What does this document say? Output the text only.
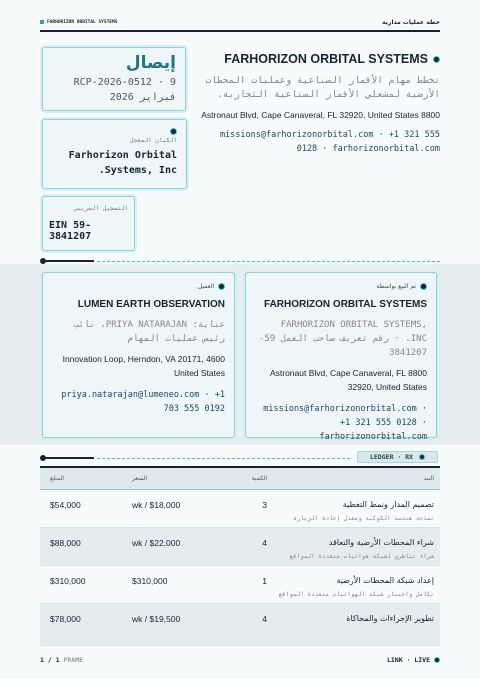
خطة عمليات مدارية
FARHORIZON ORBITAL SYSTEMS
إيصال
RCP-2026-0512 · 9 فبراير 2026
الكيان المعجل
Farhorizon Orbital Systems, Inc.
التسجيل الضريبي
EIN 59-3841207
FARHORIZON ORBITAL SYSTEMS
تخطط مهام الأقمار الصناعية وعمليات المحطات الأرضية لمشغلي الأقمار الصناعية التجارية.
Astronaut Blvd, Cape Canaveral, FL 32920, United States 8800
missions@farhorizonorbital.com · +1 321 555 0128 · farhorizonorbital.com
تم البيع بواسطة
FARHORIZON ORBITAL SYSTEMS
FARHORIZON ORBITAL SYSTEMS, INC. · رقم تعريف صاحب العمل 59-3841207
Astronaut Blvd, Cape Canaveral, FL 8800 32920, United States
missions@farhorizonorbital.com · +1 321 555 0128 · farhorizonorbital.com
العميل
LUMEN EARTH OBSERVATION
عناية: PRIYA NATARAJAN، نائب رئيس عمليات المهام
Innovation Loop, Herndon, VA 20171, 4600 United States
priya.natarajan@lumeneo.com · +1 703 555 0192
LEDGER · RX
البند
الكمية
السعر
المبلغ
تصميم المدار ونمط التغطية
نمذجة هندسة الكوكبة ومعدل إعادة الزيارة
3
$18,000 / wk
$54,000
شراء المحطات الأرضية والتعاقد
شراء تناظري لشبكة هوائيات متعددة المواقع
4
$22,000 / wk
$88,000
إعداد شبكة المحطات الأرضية
تكامل واختبار شبكة الهوائيات متعددة المواقع
1
$310,000
$310,000
تطوير الإجراءات والمحاكاة
4
$19,500 / wk
$78,000
1 / 1 FRAME	LINK · LIVE
